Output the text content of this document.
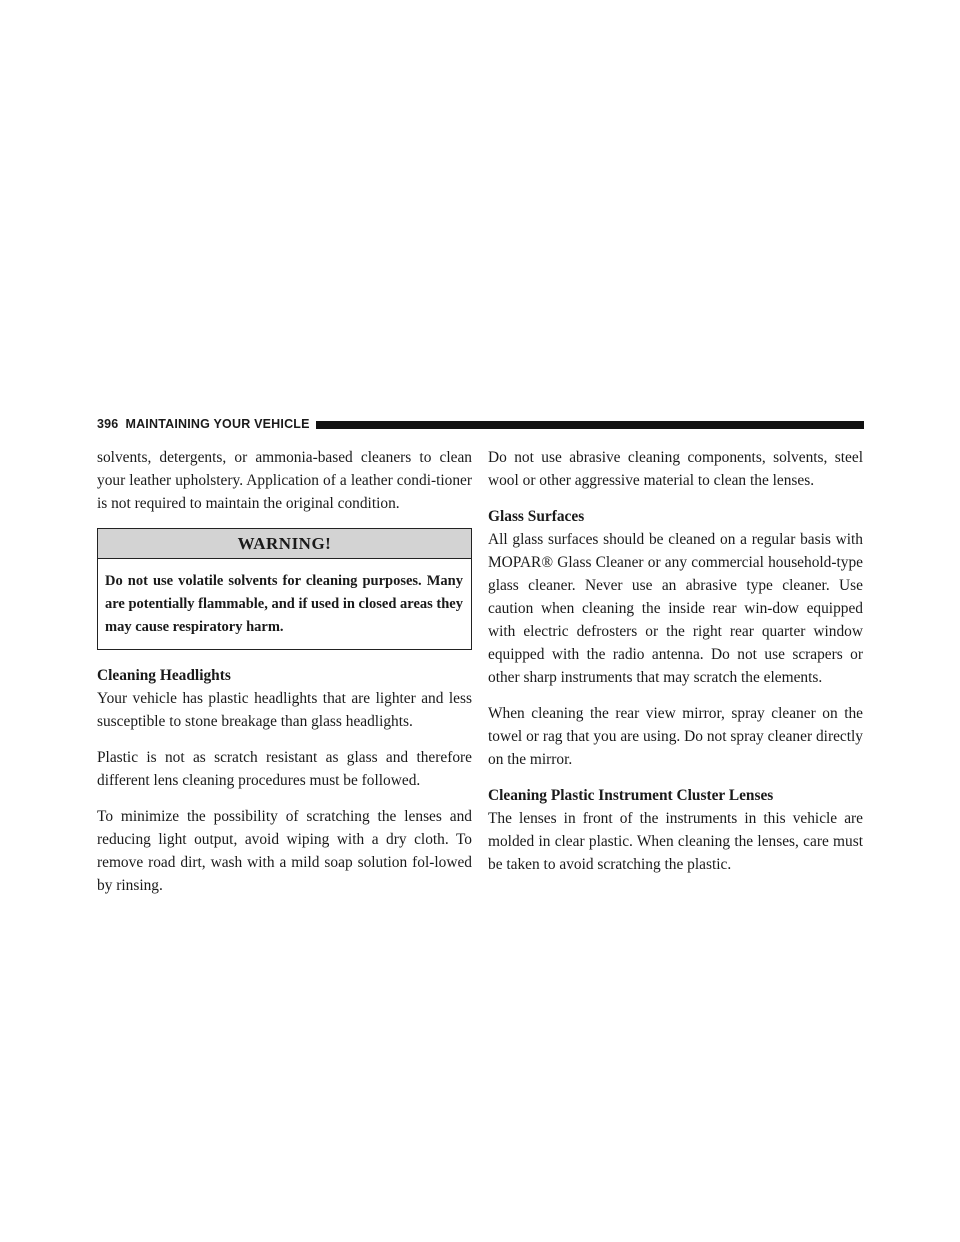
396 MAINTAINING YOUR VEHICLE

solvents, detergents, or ammonia-based cleaners to clean your leather upholstery. Application of a leather condi-tioner is not required to maintain the original condition.

WARNING!
Do not use volatile solvents for cleaning purposes. Many are potentially flammable, and if used in closed areas they may cause respiratory harm.
Cleaning Headlights

Your vehicle has plastic headlights that are lighter and less susceptible to stone breakage than glass headlights.

Plastic is not as scratch resistant as glass and therefore different lens cleaning procedures must be followed.

To minimize the possibility of scratching the lenses and reducing light output, avoid wiping with a dry cloth. To remove road dirt, wash with a mild soap solution fol-lowed by rinsing.

Do not use abrasive cleaning components, solvents, steel wool or other aggressive material to clean the lenses.

Glass Surfaces

All glass surfaces should be cleaned on a regular basis with MOPAR® Glass Cleaner or any commercial household-type glass cleaner. Never use an abrasive type cleaner. Use caution when cleaning the inside rear win-dow equipped with electric defrosters or the right rear quarter window equipped with the radio antenna. Do not use scrapers or other sharp instruments that may scratch the elements.

When cleaning the rear view mirror, spray cleaner on the towel or rag that you are using. Do not spray cleaner directly on the mirror.

Cleaning Plastic Instrument Cluster Lenses

The lenses in front of the instruments in this vehicle are molded in clear plastic. When cleaning the lenses, care must be taken to avoid scratching the plastic.
